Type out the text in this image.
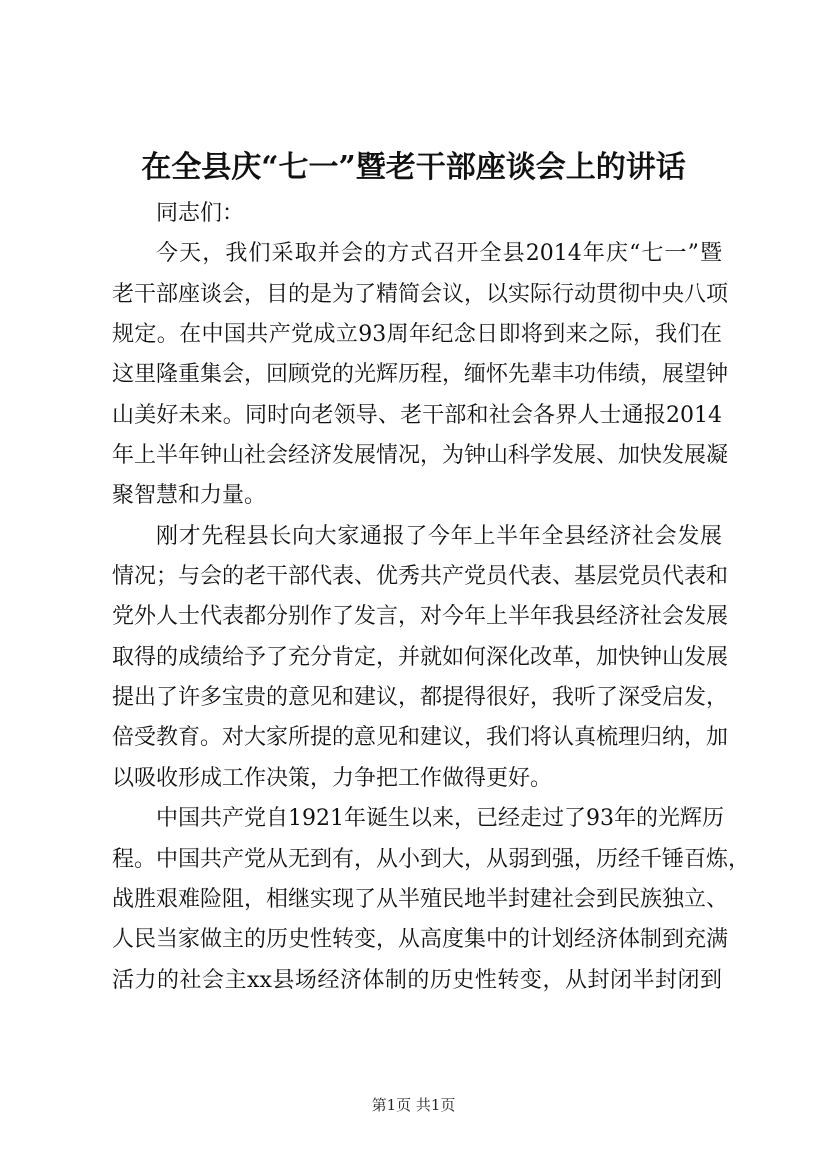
在全县庆“七一”暨老干部座谈会上的讲话
同志们：
今天，我们采取并会的方式召开全县2014年庆“七一”暨
老干部座谈会，目的是为了精简会议，以实际行动贯彻中央八项
规定。在中国共产党成立93周年纪念日即将到来之际，我们在
这里隆重集会，回顾党的光辉历程，缅怀先辈丰功伟绩，展望钟
山美好未来。同时向老领导、老干部和社会各界人士通报2014
年上半年钟山社会经济发展情况，为钟山科学发展、加快发展凝
聚智慧和力量。
刚才先程县长向大家通报了今年上半年全县经济社会发展
情况；与会的老干部代表、优秀共产党员代表、基层党员代表和
党外人士代表都分别作了发言，对今年上半年我县经济社会发展
取得的成绩给予了充分肯定，并就如何深化改革，加快钟山发展
提出了许多宝贵的意见和建议，都提得很好，我听了深受启发，
倍受教育。对大家所提的意见和建议，我们将认真梳理归纳，加
以吸收形成工作决策，力争把工作做得更好。
中国共产党自1921年诞生以来，已经走过了93年的光辉历
程。中国共产党从无到有，从小到大，从弱到强，历经千锤百炼，
战胜艰难险阻，相继实现了从半殖民地半封建社会到民族独立、
人民当家做主的历史性转变，从高度集中的计划经济体制到充满
活力的社会主xx县场经济体制的历史性转变，从封闭半封闭到
第1页 共1页
